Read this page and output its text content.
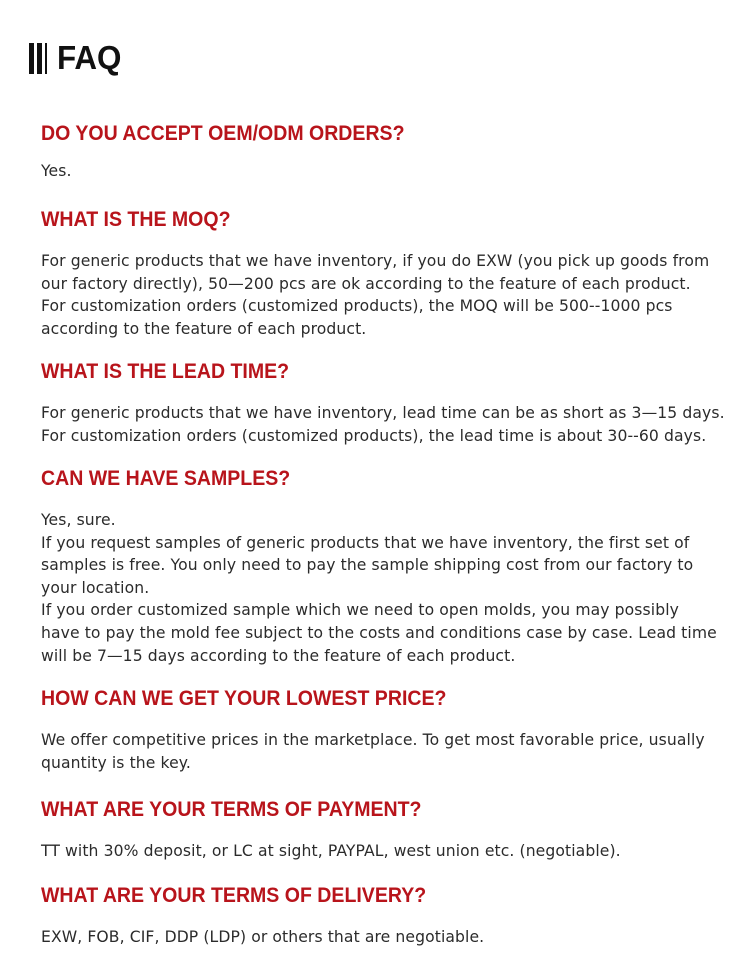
FAQ
DO YOU ACCEPT OEM/ODM ORDERS?
Yes.
WHAT IS THE MOQ?
For generic products that we have inventory, if you do EXW (you pick up goods from
our factory directly), 50—200 pcs are ok according to the feature of each product.
For customization orders (customized products), the MOQ will be 500--1000 pcs
according to the feature of each product.
WHAT IS THE LEAD TIME?
For generic products that we have inventory, lead time can be as short as 3—15 days.
For customization orders (customized products), the lead time is about 30--60 days.
CAN WE HAVE SAMPLES?
Yes, sure.
If you request samples of generic products that we have inventory, the first set of
samples is free. You only need to pay the sample shipping cost from our factory to
your location.
If you order customized sample which we need to open molds, you may possibly
have to pay the mold fee subject to the costs and conditions case by case. Lead time
will be 7—15 days according to the feature of each product.
HOW CAN WE GET YOUR LOWEST PRICE?
We offer competitive prices in the marketplace. To get most favorable price, usually
quantity is the key.
WHAT ARE YOUR TERMS OF PAYMENT?
TT with 30% deposit, or LC at sight, PAYPAL, west union etc. (negotiable).
WHAT ARE YOUR TERMS OF DELIVERY?
EXW, FOB, CIF, DDP (LDP) or others that are negotiable.
